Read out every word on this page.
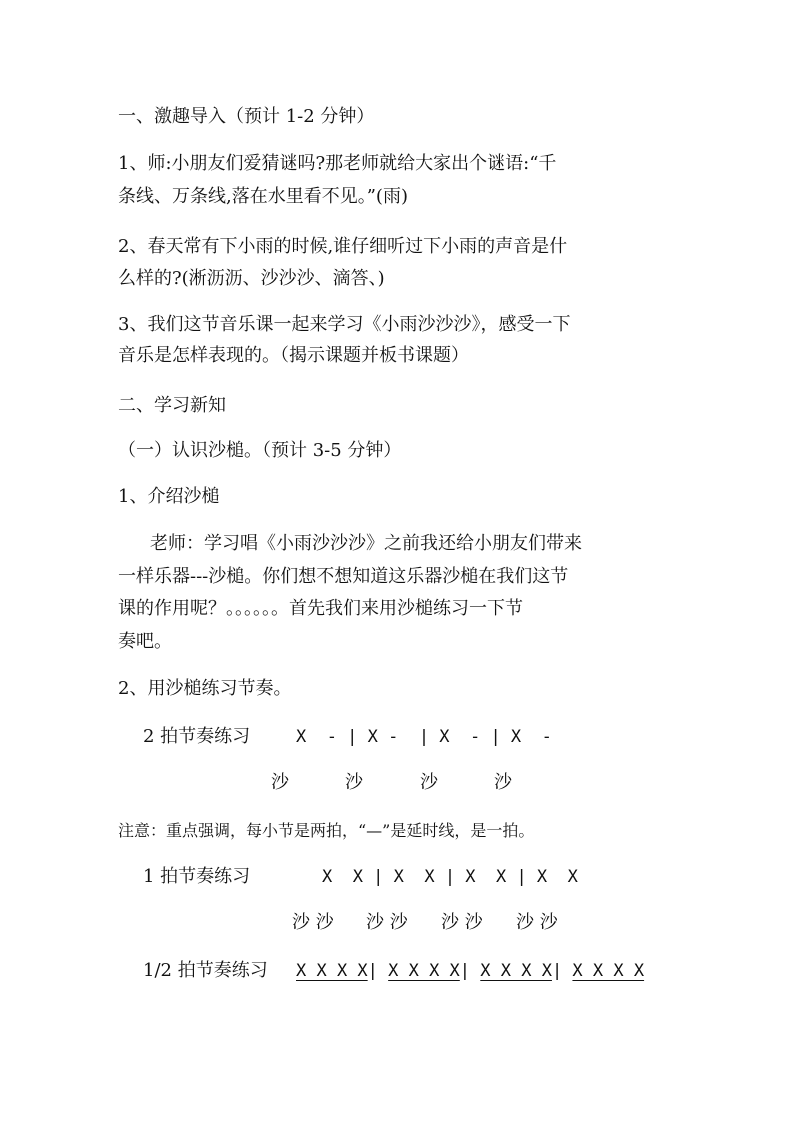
一、激趣导入（预计 1-2 分钟）
1、师:小朋友们爱猜谜吗?那老师就给大家出个谜语:“千
条线、万条线,落在水里看不见。”(雨)
2、春天常有下小雨的时候,谁仔细听过下小雨的声音是什
么样的?(淅沥沥、沙沙沙、滴答、)
3、我们这节音乐课一起来学习《小雨沙沙沙》，感受一下
音乐是怎样表现的。（揭示课题并板书课题）
二、学习新知
（一）认识沙槌。（预计 3-5 分钟）
1、介绍沙槌
老师：学习唱《小雨沙沙沙》之前我还给小朋友们带来
一样乐器---沙槌。你们想不想知道这乐器沙槌在我们这节
课的作用呢？。。。。。。首先我们来用沙槌练习一下节
奏吧。
2、用沙槌练习节奏。
2 拍节奏练习	X  - | X -  | X  - | X  -
沙	沙	沙	沙
注意：重点强调，每小节是两拍，“—”是延时线，是一拍。
1 拍节奏练习	X  X | X  X | X  X | X  X
沙 沙 沙 沙 沙 沙 沙 沙
1/2 拍节奏练习 X X X X| X X X X| X X X X| X X X X
